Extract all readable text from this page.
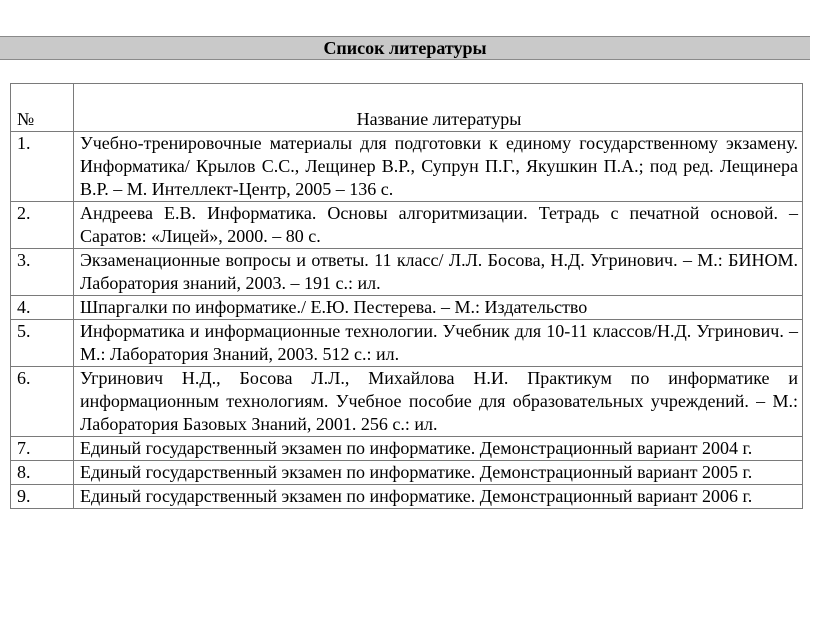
Список литературы
№	Название литературы
1.	Учебно-тренировочные материалы для подготовки к единому государственному экзамену. Информатика/ Крылов С.С., Лещинер В.Р., Супрун П.Г., Якушкин П.А.; под ред. Лещинера В.Р. – М. Интеллект-Центр, 2005 – 136 с.
2.	Андреева Е.В. Информатика. Основы алгоритмизации. Тетрадь с печатной основой. – Саратов: «Лицей», 2000. – 80 с.
3.	Экзаменационные вопросы и ответы. 11 класс/ Л.Л. Босова, Н.Д. Угринович. – М.: БИНОМ. Лаборатория знаний, 2003. – 191 с.: ил.
4.	Шпаргалки по информатике./ Е.Ю. Пестерева. – М.: Издательство
5.	Информатика и информационные технологии. Учебник для 10-11 классов/Н.Д. Угринович. – М.: Лаборатория Знаний, 2003. 512 с.: ил.
6.	Угринович Н.Д., Босова Л.Л., Михайлова Н.И. Практикум по информатике и информационным технологиям. Учебное пособие для образовательных учреждений. – М.: Лаборатория Базовых Знаний, 2001. 256 с.: ил.
7.	Единый государственный экзамен по информатике. Демонстрационный вариант 2004 г.
8.	Единый государственный экзамен по информатике. Демонстрационный вариант 2005 г.
9.	Единый государственный экзамен по информатике. Демонстрационный вариант 2006 г.
